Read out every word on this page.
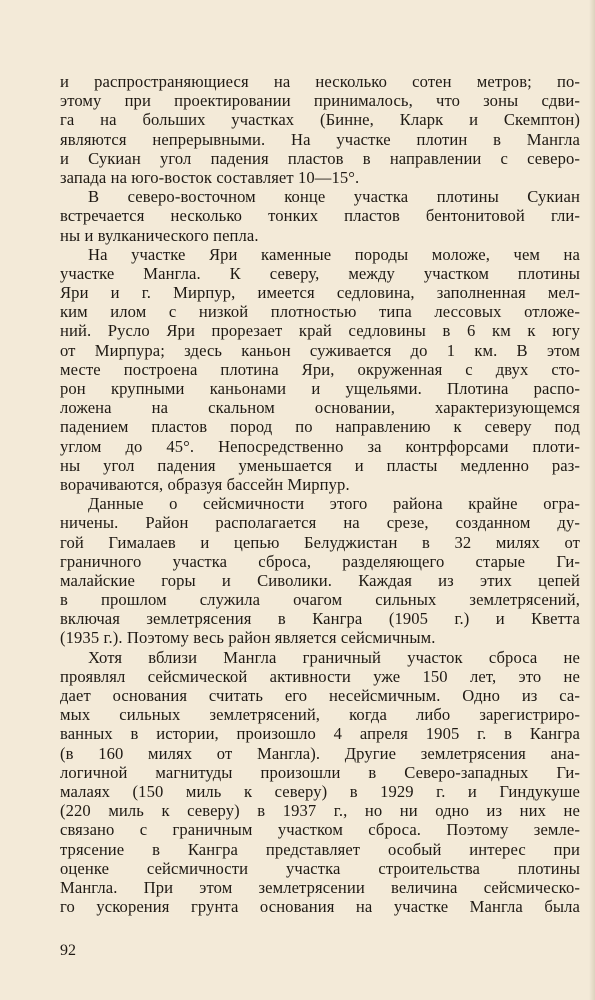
и распространяющиеся на несколько сотен метров; по-
этому при проектировании принималось, что зоны сдви-
га на больших участках (Бинне, Кларк и Скемптон)
являются непрерывными. На участке плотин в Мангла
и Сукиан угол падения пластов в направлении с северо-
запада на юго-восток составляет 10—15°.
В северо-восточном конце участка плотины Сукиан
встречается несколько тонких пластов бентонитовой гли-
ны и вулканического пепла.
На участке Яри каменные породы моложе, чем на
участке Мангла. К северу, между участком плотины
Яри и г. Мирпур, имеется седловина, заполненная мел-
ким илом с низкой плотностью типа лессовых отложе-
ний. Русло Яри прорезает край седловины в 6 км к югу
от Мирпура; здесь каньон суживается до 1 км. В этом
месте построена плотина Яри, окруженная с двух сто-
рон крупными каньонами и ущельями. Плотина распо-
ложена на скальном основании, характеризующемся
падением пластов пород по направлению к северу под
углом до 45°. Непосредственно за контрфорсами плоти-
ны угол падения уменьшается и пласты медленно раз-
ворачиваются, образуя бассейн Мирпур.
Данные о сейсмичности этого района крайне огра-
ничены. Район располагается на срезе, созданном ду-
гой Гималаев и цепью Белуджистан в 32 милях от
граничного участка сброса, разделяющего старые Ги-
малайские горы и Сиволики. Каждая из этих цепей
в прошлом служила очагом сильных землетрясений,
включая землетрясения в Кангра (1905 г.) и Кветта
(1935 г.). Поэтому весь район является сейсмичным.
Хотя вблизи Мангла граничный участок сброса не
проявлял сейсмической активности уже 150 лет, это не
дает основания считать его несейсмичным. Одно из са-
мых сильных землетрясений, когда либо зарегистриро-
ванных в истории, произошло 4 апреля 1905 г. в Кангра
(в 160 милях от Мангла). Другие землетрясения ана-
логичной магнитуды произошли в Северо-западных Ги-
малаях (150 миль к северу) в 1929 г. и Гиндукуше
(220 миль к северу) в 1937 г., но ни одно из них не
связано с граничным участком сброса. Поэтому земле-
трясение в Кангра представляет особый интерес при
оценке сейсмичности участка строительства плотины
Мангла. При этом землетрясении величина сейсмическо-
го ускорения грунта основания на участке Мангла была
92
